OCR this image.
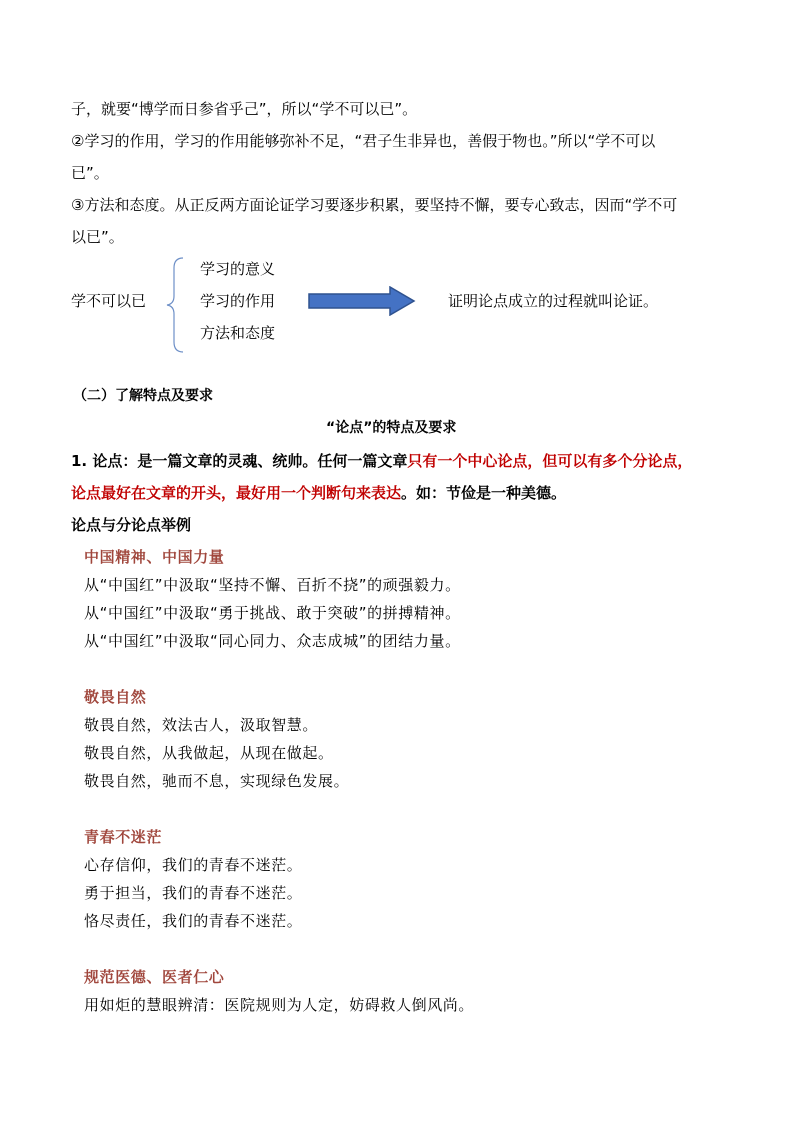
子，就要“博学而日参省乎己”，所以“学不可以已”。
②学习的作用，学习的作用能够弥补不足，“君子生非异也，善假于物也。”所以“学不可以
已”。
③方法和态度。从正反两方面论证学习要逐步积累，要坚持不懈，要专心致志，因而“学不可
以已”。
学不可以已
学习的意义
学习的作用
方法和态度
证明论点成立的过程就叫论证。
（二）了解特点及要求
“论点”的特点及要求
1. 论点：是一篇文章的灵魂、统帅。任何一篇文章只有一个中心论点，但可以有多个分论点，
论点最好在文章的开头，最好用一个判断句来表达。如：节俭是一种美德。
论点与分论点举例
中国精神、中国力量
从“中国红”中汲取“坚持不懈、百折不挠”的顽强毅力。
从“中国红”中汲取“勇于挑战、敢于突破”的拼搏精神。
从“中国红”中汲取“同心同力、众志成城”的团结力量。
敬畏自然
敬畏自然，效法古人，汲取智慧。
敬畏自然，从我做起，从现在做起。
敬畏自然，驰而不息，实现绿色发展。
青春不迷茫
心存信仰，我们的青春不迷茫。
勇于担当，我们的青春不迷茫。
恪尽责任，我们的青春不迷茫。
规范医德、医者仁心
用如炬的慧眼辨清：医院规则为人定，妨碍救人倒风尚。
